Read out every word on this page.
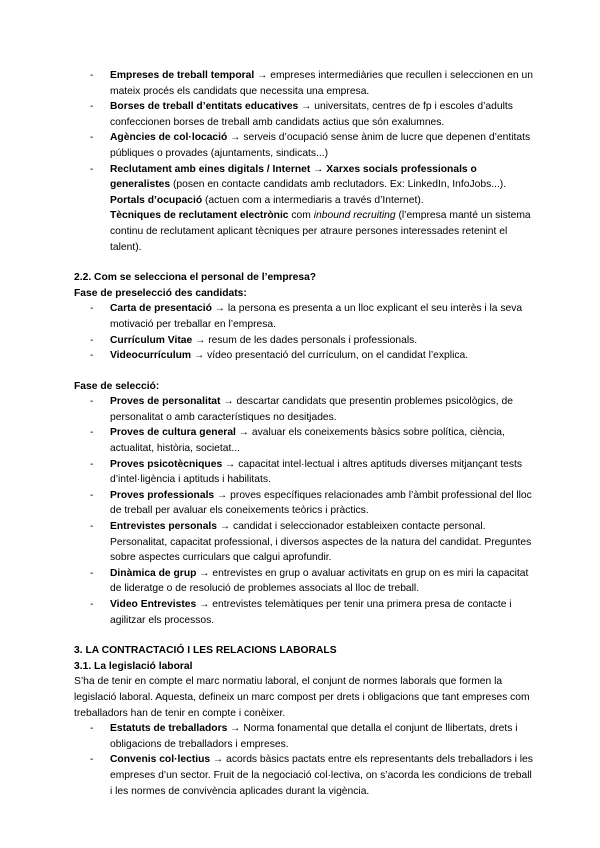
- Empreses de treball temporal → empreses intermediàries que recullen i seleccionen en un mateix procés els candidats que necessita una empresa.
- Borses de treball d’entitats educatives → universitats, centres de fp i escoles d’adults confeccionen borses de treball amb candidats actius que són exalumnes.
- Agències de col·locació → serveis d’ocupació sense ànim de lucre que depenen d’entitats públiques o provades (ajuntaments, sindicats...)
- Reclutament amb eines digitals / Internet → Xarxes socials professionals o generalistes (posen en contacte candidats amb reclutadors. Ex: LinkedIn, InfoJobs...). Portals d’ocupació (actuen com a intermediaris a través d’Internet).
Tècniques de reclutament electrònic com inbound recruiting (l’empresa manté un sistema continu de reclutament aplicant tècniques per atraure persones interessades retenint el talent).
2.2. Com se selecciona el personal de l’empresa?
Fase de preselecció des candidats:
- Carta de presentació → la persona es presenta a un lloc explicant el seu interès i la seva motivació per treballar en l’empresa.
- Currículum Vitae → resum de les dades personals i professionals.
- Videocurrículum → vídeo presentació del currículum, on el candidat l’explica.
Fase de selecció:
- Proves de personalitat → descartar candidats que presentin problemes psicològics, de personalitat o amb característiques no desitjades.
- Proves de cultura general → avaluar els coneixements bàsics sobre política, ciència, actualitat, història, societat...
- Proves psicotècniques → capacitat intel·lectual i altres aptituds diverses mitjançant tests d’intel·ligència i aptituds i habilitats.
- Proves professionals → proves específiques relacionades amb l’àmbit professional del lloc de treball per avaluar els coneixements teòrics i pràctics.
- Entrevistes personals → candidat i seleccionador estableixen contacte personal. Personalitat, capacitat professional, i diversos aspectes de la natura del candidat. Preguntes sobre aspectes curriculars que calgui aprofundir.
- Dinàmica de grup → entrevistes en grup o avaluar activitats en grup on es miri la capacitat de lideratge o de resolució de problemes associats al lloc de treball.
- Video Entrevistes → entrevistes telemàtiques per tenir una primera presa de contacte i agilitzar els processos.
3. LA CONTRACTACIÓ I LES RELACIONS LABORALS
3.1. La legislació laboral
S’ha de tenir en compte el marc normatiu laboral, el conjunt de normes laborals que formen la legislació laboral. Aquesta, defineix un marc compost per drets i obligacions que tant empreses com treballadors han de tenir en compte i conèixer.
- Estatuts de treballadors → Norma fonamental que detalla el conjunt de llibertats, drets i obligacions de treballadors i empreses.
- Convenis col·lectius → acords bàsics pactats entre els representants dels treballadors i les empreses d’un sector. Fruit de la negociació col·lectiva, on s’acorda les condicions de treball i les normes de convivència aplicades durant la vigència.
